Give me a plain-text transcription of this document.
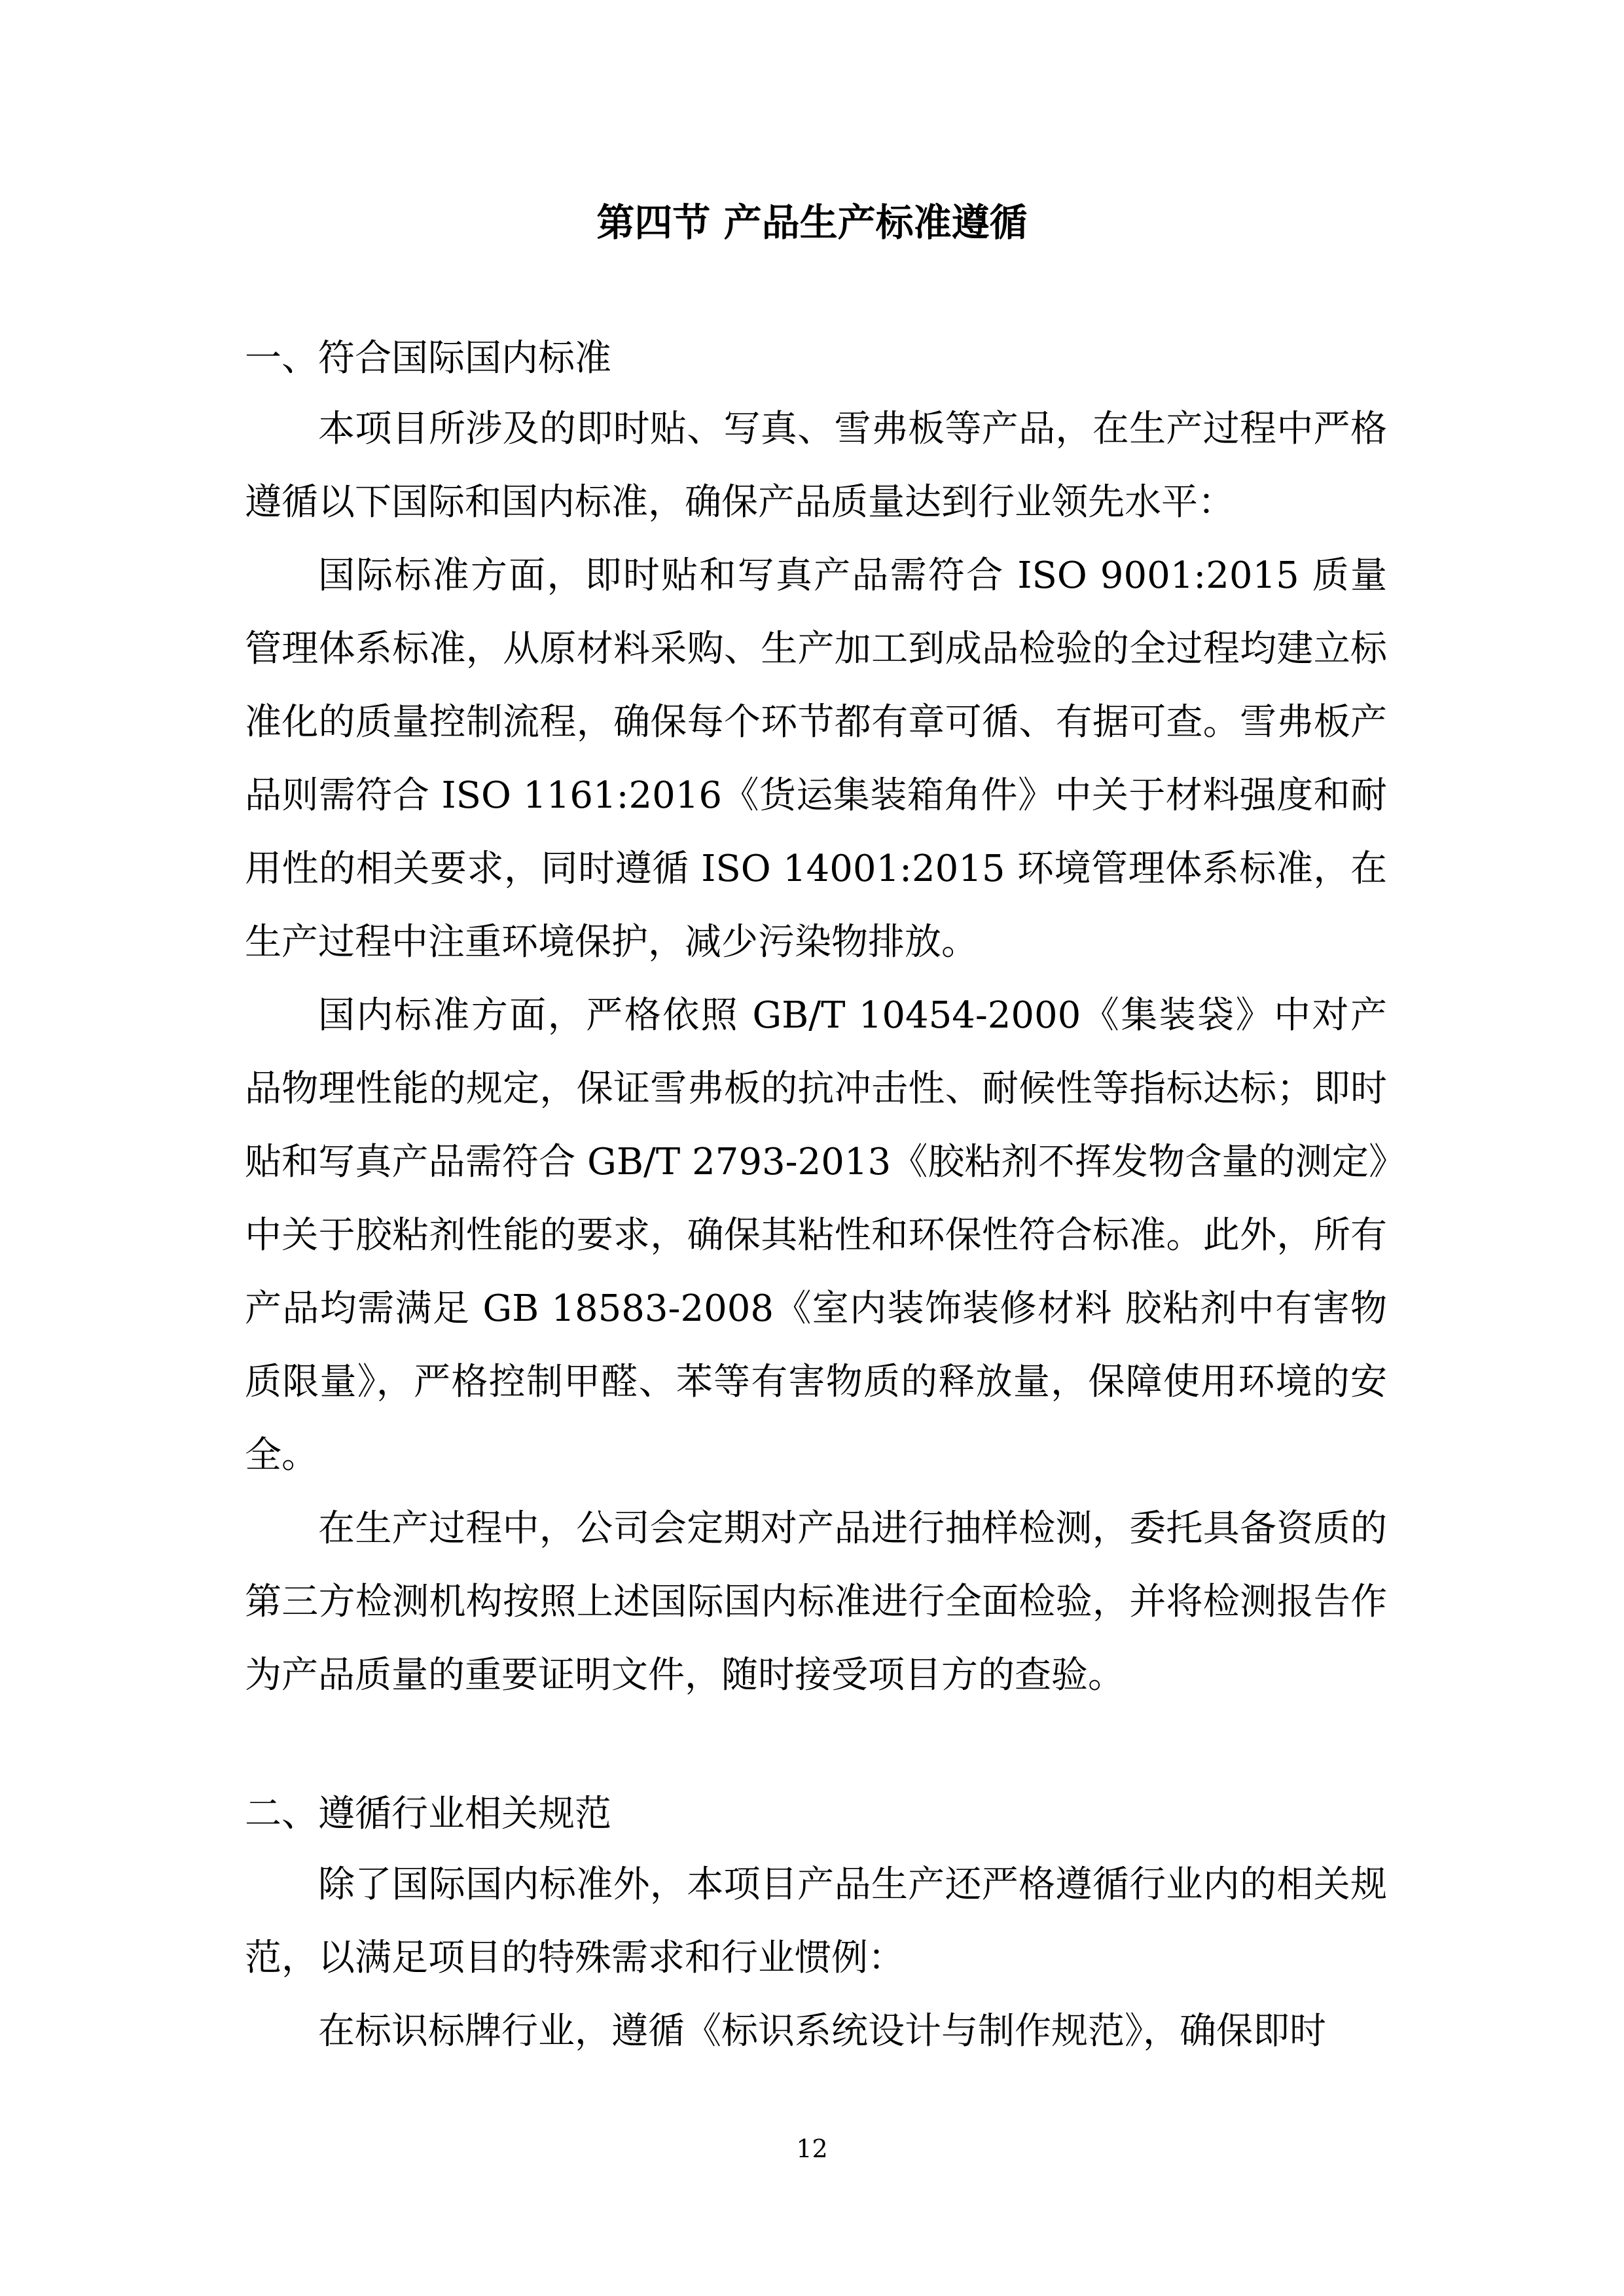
第四节 产品生产标准遵循
一、符合国际国内标准

本项目所涉及的即时贴、写真、雪弗板等产品，在生产过程中严格遵循以下国际和国内标准，确保产品质量达到行业领先水平：

国际标准方面，即时贴和写真产品需符合 ISO 9001:2015 质量管理体系标准，从原材料采购、生产加工到成品检验的全过程均建立标准化的质量控制流程，确保每个环节都有章可循、有据可查。雪弗板产品则需符合 ISO 1161:2016《货运集装箱角件》中关于材料强度和耐用性的相关要求，同时遵循 ISO 14001:2015 环境管理体系标准，在生产过程中注重环境保护，减少污染物排放。

国内标准方面，严格依照 GB/T 10454-2000《集装袋》中对产品物理性能的规定，保证雪弗板的抗冲击性、耐候性等指标达标；即时贴和写真产品需符合 GB/T 2793-2013《胶粘剂不挥发物含量的测定》中关于胶粘剂性能的要求，确保其粘性和环保性符合标准。此外，所有产品均需满足 GB 18583-2008《室内装饰装修材料 胶粘剂中有害物质限量》，严格控制甲醛、苯等有害物质的释放量，保障使用环境的安全。

在生产过程中，公司会定期对产品进行抽样检测，委托具备资质的第三方检测机构按照上述国际国内标准进行全面检验，并将检测报告作为产品质量的重要证明文件，随时接受项目方的查验。

二、遵循行业相关规范

除了国际国内标准外，本项目产品生产还严格遵循行业内的相关规范，以满足项目的特殊需求和行业惯例：

在标识标牌行业，遵循《标识系统设计与制作规范》，确保即时

12
